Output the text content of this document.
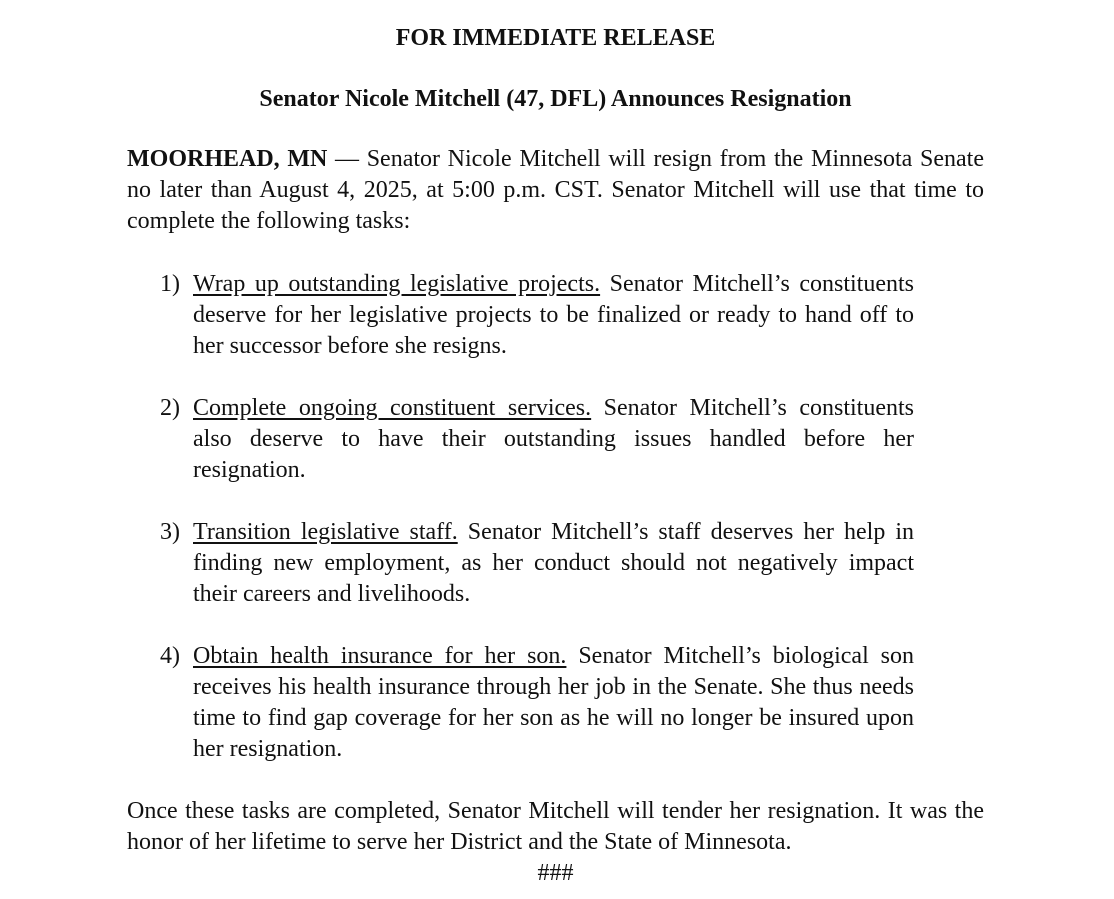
FOR IMMEDIATE RELEASE
Senator Nicole Mitchell (47, DFL) Announces Resignation

MOORHEAD, MN — Senator Nicole Mitchell will resign from the Minnesota Senate no later than August 4, 2025, at 5:00 p.m. CST. Senator Mitchell will use that time to complete the following tasks:

1) Wrap up outstanding legislative projects. Senator Mitchell’s constituents deserve for her legislative projects to be finalized or ready to hand off to her successor before she resigns.
2) Complete ongoing constituent services. Senator Mitchell’s constituents also deserve to have their outstanding issues handled before her resignation.
3) Transition legislative staff. Senator Mitchell’s staff deserves her help in finding new employment, as her conduct should not negatively impact their careers and livelihoods.
4) Obtain health insurance for her son. Senator Mitchell’s biological son receives his health insurance through her job in the Senate. She thus needs time to find gap coverage for her son as he will no longer be insured upon her resignation.

Once these tasks are completed, Senator Mitchell will tender her resignation. It was the honor of her lifetime to serve her District and the State of Minnesota.

###
